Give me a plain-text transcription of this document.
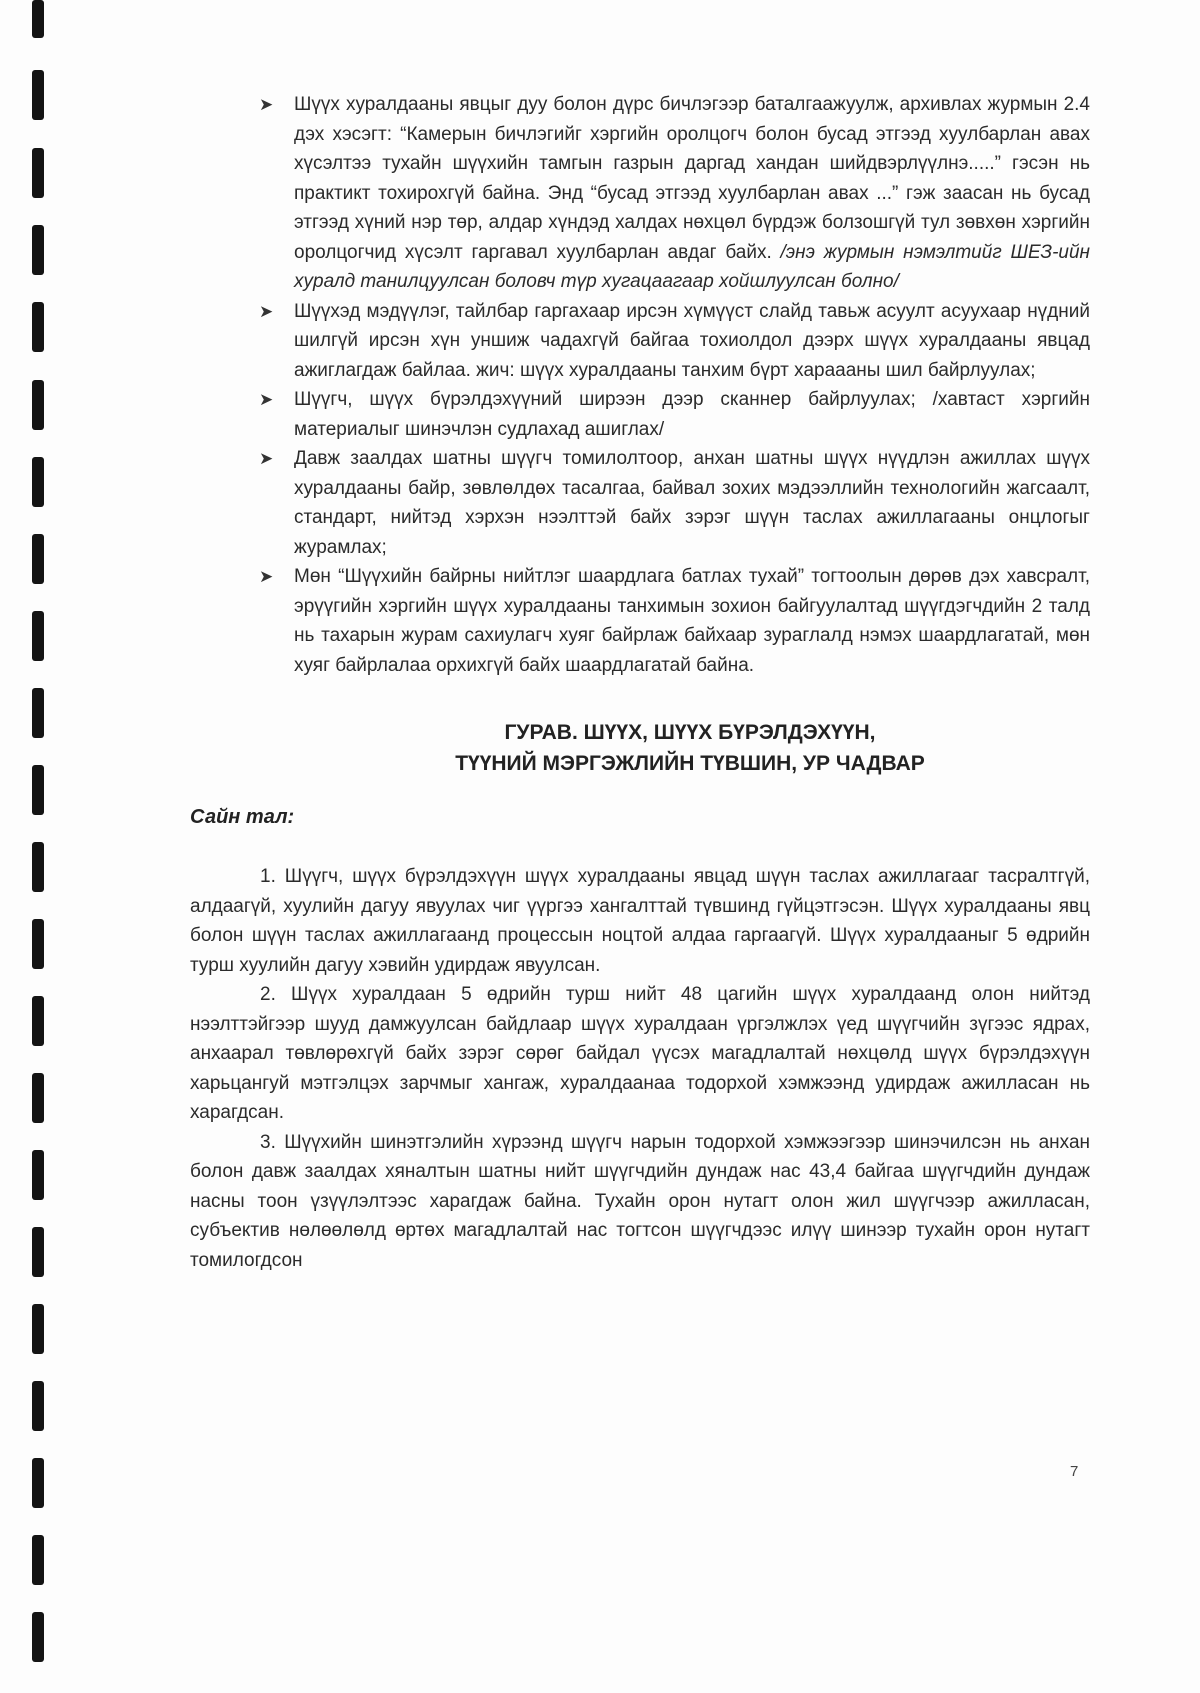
➤ Шүүх хуралдааны явцыг дуу болон дүрс бичлэгээр баталгаажуулж, архивлах журмын 2.4 дэх хэсэгт: “Камерын бичлэгийг хэргийн оролцогч болон бусад этгээд хуулбарлан авах хүсэлтээ тухайн шүүхийн тамгын газрын даргад хандан шийдвэрлүүлнэ.....” гэсэн нь практикт тохирохгүй байна. Энд “бусад этгээд хуулбарлан авах ...” гэж заасан нь бусад этгээд хүний нэр төр, алдар хүндэд халдах нөхцөл бүрдэж болзошгүй тул зөвхөн хэргийн оролцогчид хүсэлт гаргавал хуулбарлан авдаг байх. /энэ журмын нэмэлтийг ШЕЗ-ийн хуралд танилцуулсан боловч түр хугацаагаар хойшлуулсан болно/

➤ Шүүхэд мэдүүлэг, тайлбар гаргахаар ирсэн хүмүүст слайд тавьж асуулт асуухаар нүдний шилгүй ирсэн хүн уншиж чадахгүй байгаа тохиолдол дээрх шүүх хуралдааны явцад ажиглагдаж байлаа. жич: шүүх хуралдааны танхим бүрт хараааны шил байрлуулах;

➤ Шүүгч, шүүх бүрэлдэхүүний ширээн дээр сканнер байрлуулах; /хавтаст хэргийн материалыг шинэчлэн судлахад ашиглах/

➤ Давж заалдах шатны шүүгч томилолтоор, анхан шатны шүүх нүүдлэн ажиллах шүүх хуралдааны байр, зөвлөлдөх тасалгаа, байвал зохих мэдээллийн технологийн жагсаалт, стандарт, нийтэд хэрхэн нээлттэй байх зэрэг шүүн таслах ажиллагааны онцлогыг журамлах;

➤ Мөн “Шүүхийн байрны нийтлэг шаардлага батлах тухай” тогтоолын дөрөв дэх хавсралт, эрүүгийн хэргийн шүүх хуралдааны танхимын зохион байгуулалтад шүүгдэгчдийн 2 талд нь тахарын журам сахиулагч хуяг байрлаж байхаар зураглалд нэмэх шаардлагатай, мөн хуяг байрлалаа орхихгүй байх шаардлагатай байна.

ГУРАВ. ШҮҮХ, ШҮҮХ БҮРЭЛДЭХҮҮН,
ТҮҮНИЙ МЭРГЭЖЛИЙН ТҮВШИН, УР ЧАДВАР
Сайн тал:

1. Шүүгч, шүүх бүрэлдэхүүн шүүх хуралдааны явцад шүүн таслах ажиллагааг тасралтгүй, алдаагүй, хуулийн дагуу явуулах чиг үүргээ хангалттай түвшинд гүйцэтгэсэн. Шүүх хуралдааны явц болон шүүн таслах ажиллагаанд процессын ноцтой алдаа гаргаагүй. Шүүх хуралдааныг 5 өдрийн турш хуулийн дагуу хэвийн удирдаж явуулсан.

2. Шүүх хуралдаан 5 өдрийн турш нийт 48 цагийн шүүх хуралдаанд олон нийтэд нээлттэйгээр шууд дамжуулсан байдлаар шүүх хуралдаан үргэлжлэх үед шүүгчийн зүгээс ядрах, анхаарал төвлөрөхгүй байх зэрэг сөрөг байдал үүсэх магадлалтай нөхцөлд шүүх бүрэлдэхүүн харьцангуй мэтгэлцэх зарчмыг хангаж, хуралдаанаа тодорхой хэмжээнд удирдаж ажилласан нь харагдсан.

3. Шүүхийн шинэтгэлийн хүрээнд шүүгч нарын тодорхой хэмжээгээр шинэчилсэн нь анхан болон давж заалдах хяналтын шатны нийт шүүгчдийн дундаж нас 43,4 байгаа шүүгчдийн дундаж насны тоон үзүүлэлтээс харагдаж байна. Тухайн орон нутагт олон жил шүүгчээр ажилласан, субъектив нөлөөлөлд өртөх магадлалтай нас тогтсон шүүгчдээс илүү шинээр тухайн орон нутагт томилогдсон

7
